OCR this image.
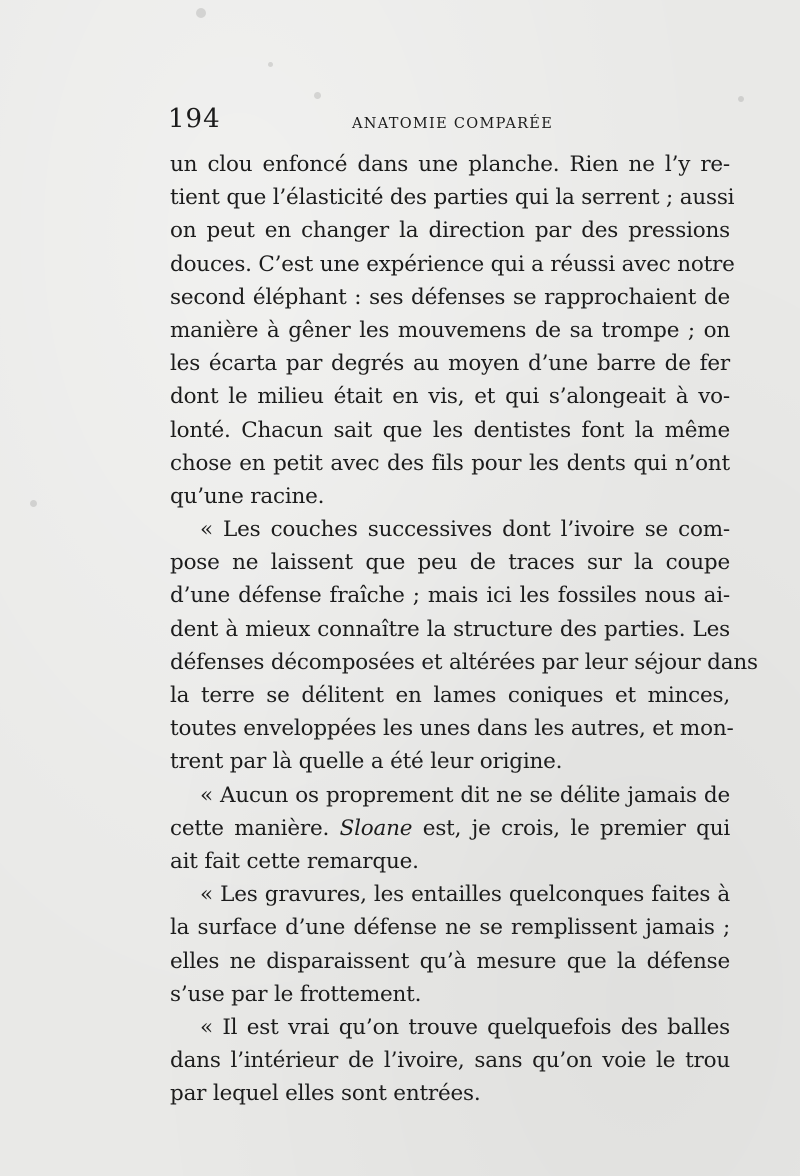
194	ANATOMIE COMPARÉE
un clou enfoncé dans une planche. Rien ne l’y re-
tient que l’élasticité des parties qui la serrent ; aussi
on peut en changer la direction par des pressions
douces. C’est une expérience qui a réussi avec notre
second éléphant : ses défenses se rapprochaient de
manière à gêner les mouvemens de sa trompe ; on
les écarta par degrés au moyen d’une barre de fer
dont le milieu était en vis, et qui s’alongeait à vo-
lonté. Chacun sait que les dentistes font la même
chose en petit avec des fils pour les dents qui n’ont
qu’une racine.
« Les couches successives dont l’ivoire se com-
pose ne laissent que peu de traces sur la coupe
d’une défense fraîche ; mais ici les fossiles nous ai-
dent à mieux connaître la structure des parties. Les
défenses décomposées et altérées par leur séjour dans
la terre se délitent en lames coniques et minces,
toutes enveloppées les unes dans les autres, et mon-
trent par là quelle a été leur origine.
« Aucun os proprement dit ne se délite jamais de
cette manière. Sloane est, je crois, le premier qui
ait fait cette remarque.
« Les gravures, les entailles quelconques faites à
la surface d’une défense ne se remplissent jamais ;
elles ne disparaissent qu’à mesure que la défense
s’use par le frottement.
« Il est vrai qu’on trouve quelquefois des balles
dans l’intérieur de l’ivoire, sans qu’on voie le trou
par lequel elles sont entrées.
